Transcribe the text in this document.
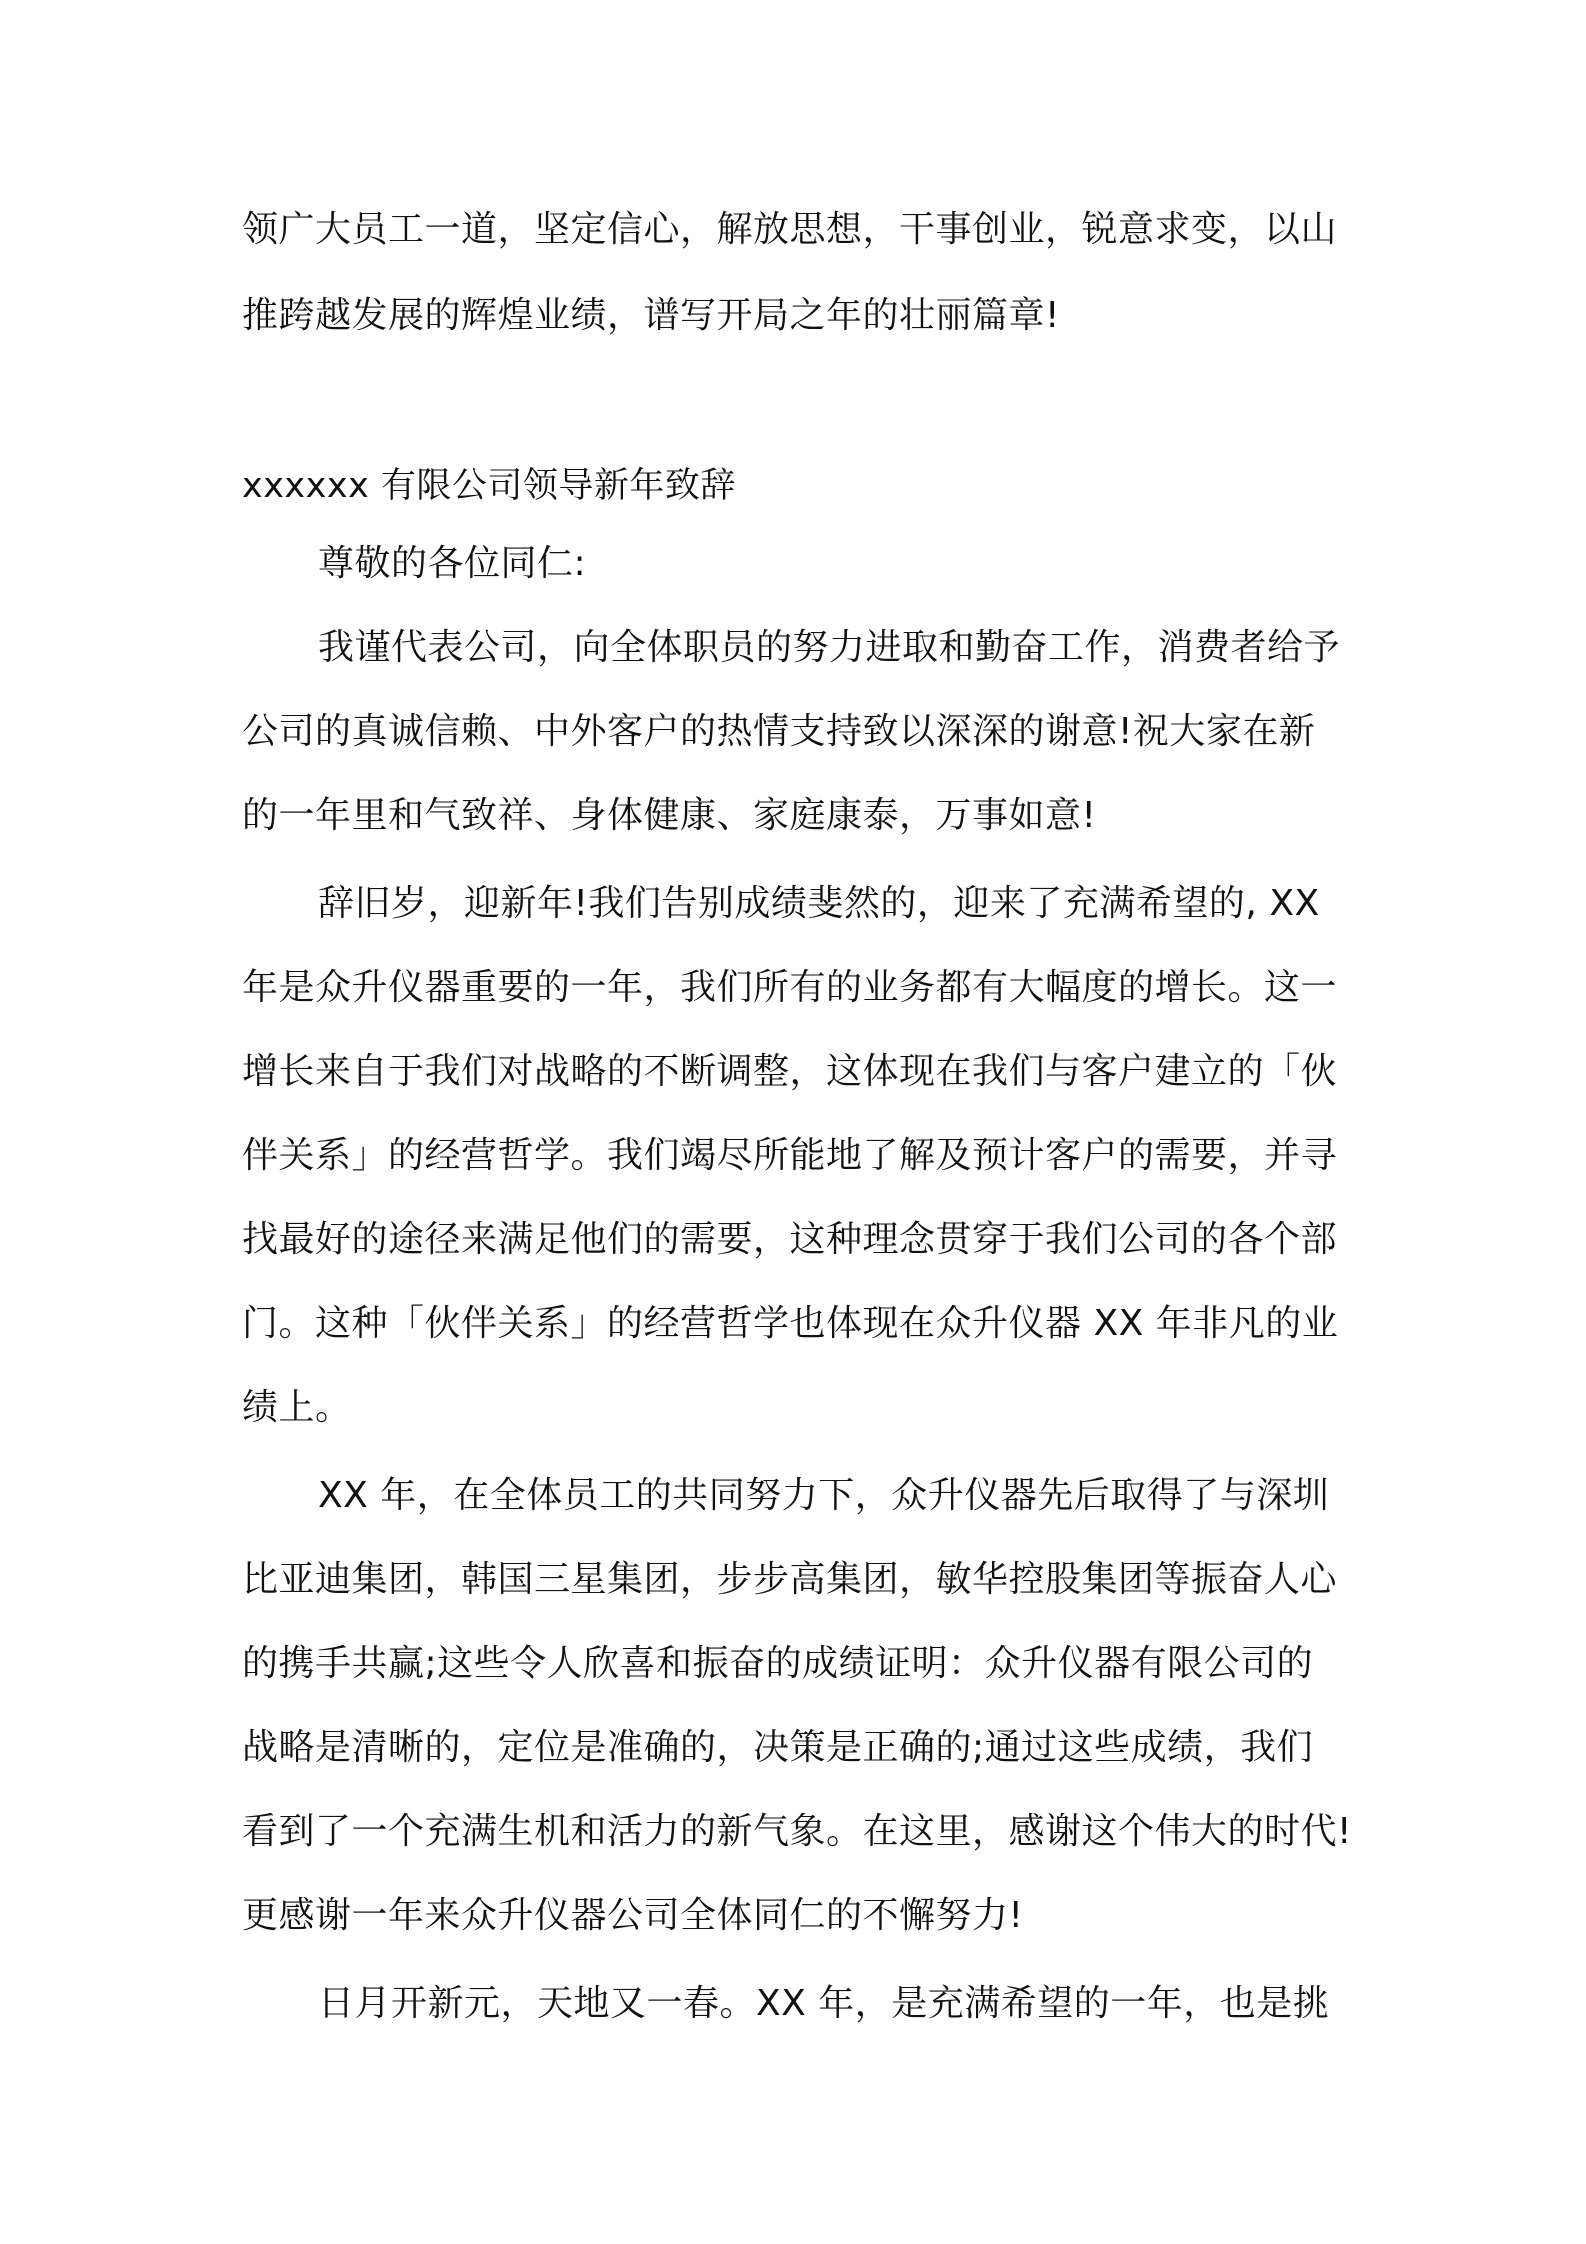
领广大员工一道，坚定信心，解放思想，干事创业，锐意求变，以山
推跨越发展的辉煌业绩，谱写开局之年的壮丽篇章!
xxxxxx 有限公司领导新年致辞
尊敬的各位同仁:
我谨代表公司，向全体职员的努力进取和勤奋工作，消费者给予
公司的真诚信赖、中外客户的热情支持致以深深的谢意!祝大家在新
的一年里和气致祥、身体健康、家庭康泰，万事如意!
辞旧岁，迎新年!我们告别成绩斐然的，迎来了充满希望的, XX
年是众升仪器重要的一年，我们所有的业务都有大幅度的增长。这一
增长来自于我们对战略的不断调整，这体现在我们与客户建立的「伙
伴关系」的经营哲学。我们竭尽所能地了解及预计客户的需要，并寻
找最好的途径来满足他们的需要，这种理念贯穿于我们公司的各个部
门。这种「伙伴关系」的经营哲学也体现在众升仪器 XX 年非凡的业
绩上。
XX 年，在全体员工的共同努力下，众升仪器先后取得了与深圳
比亚迪集团，韩国三星集团，步步高集团，敏华控股集团等振奋人心
的携手共赢;这些令人欣喜和振奋的成绩证明：众升仪器有限公司的
战略是清晰的，定位是准确的，决策是正确的;通过这些成绩，我们
看到了一个充满生机和活力的新气象。在这里，感谢这个伟大的时代!
更感谢一年来众升仪器公司全体同仁的不懈努力!
日月开新元，天地又一春。XX 年，是充满希望的一年，也是挑
